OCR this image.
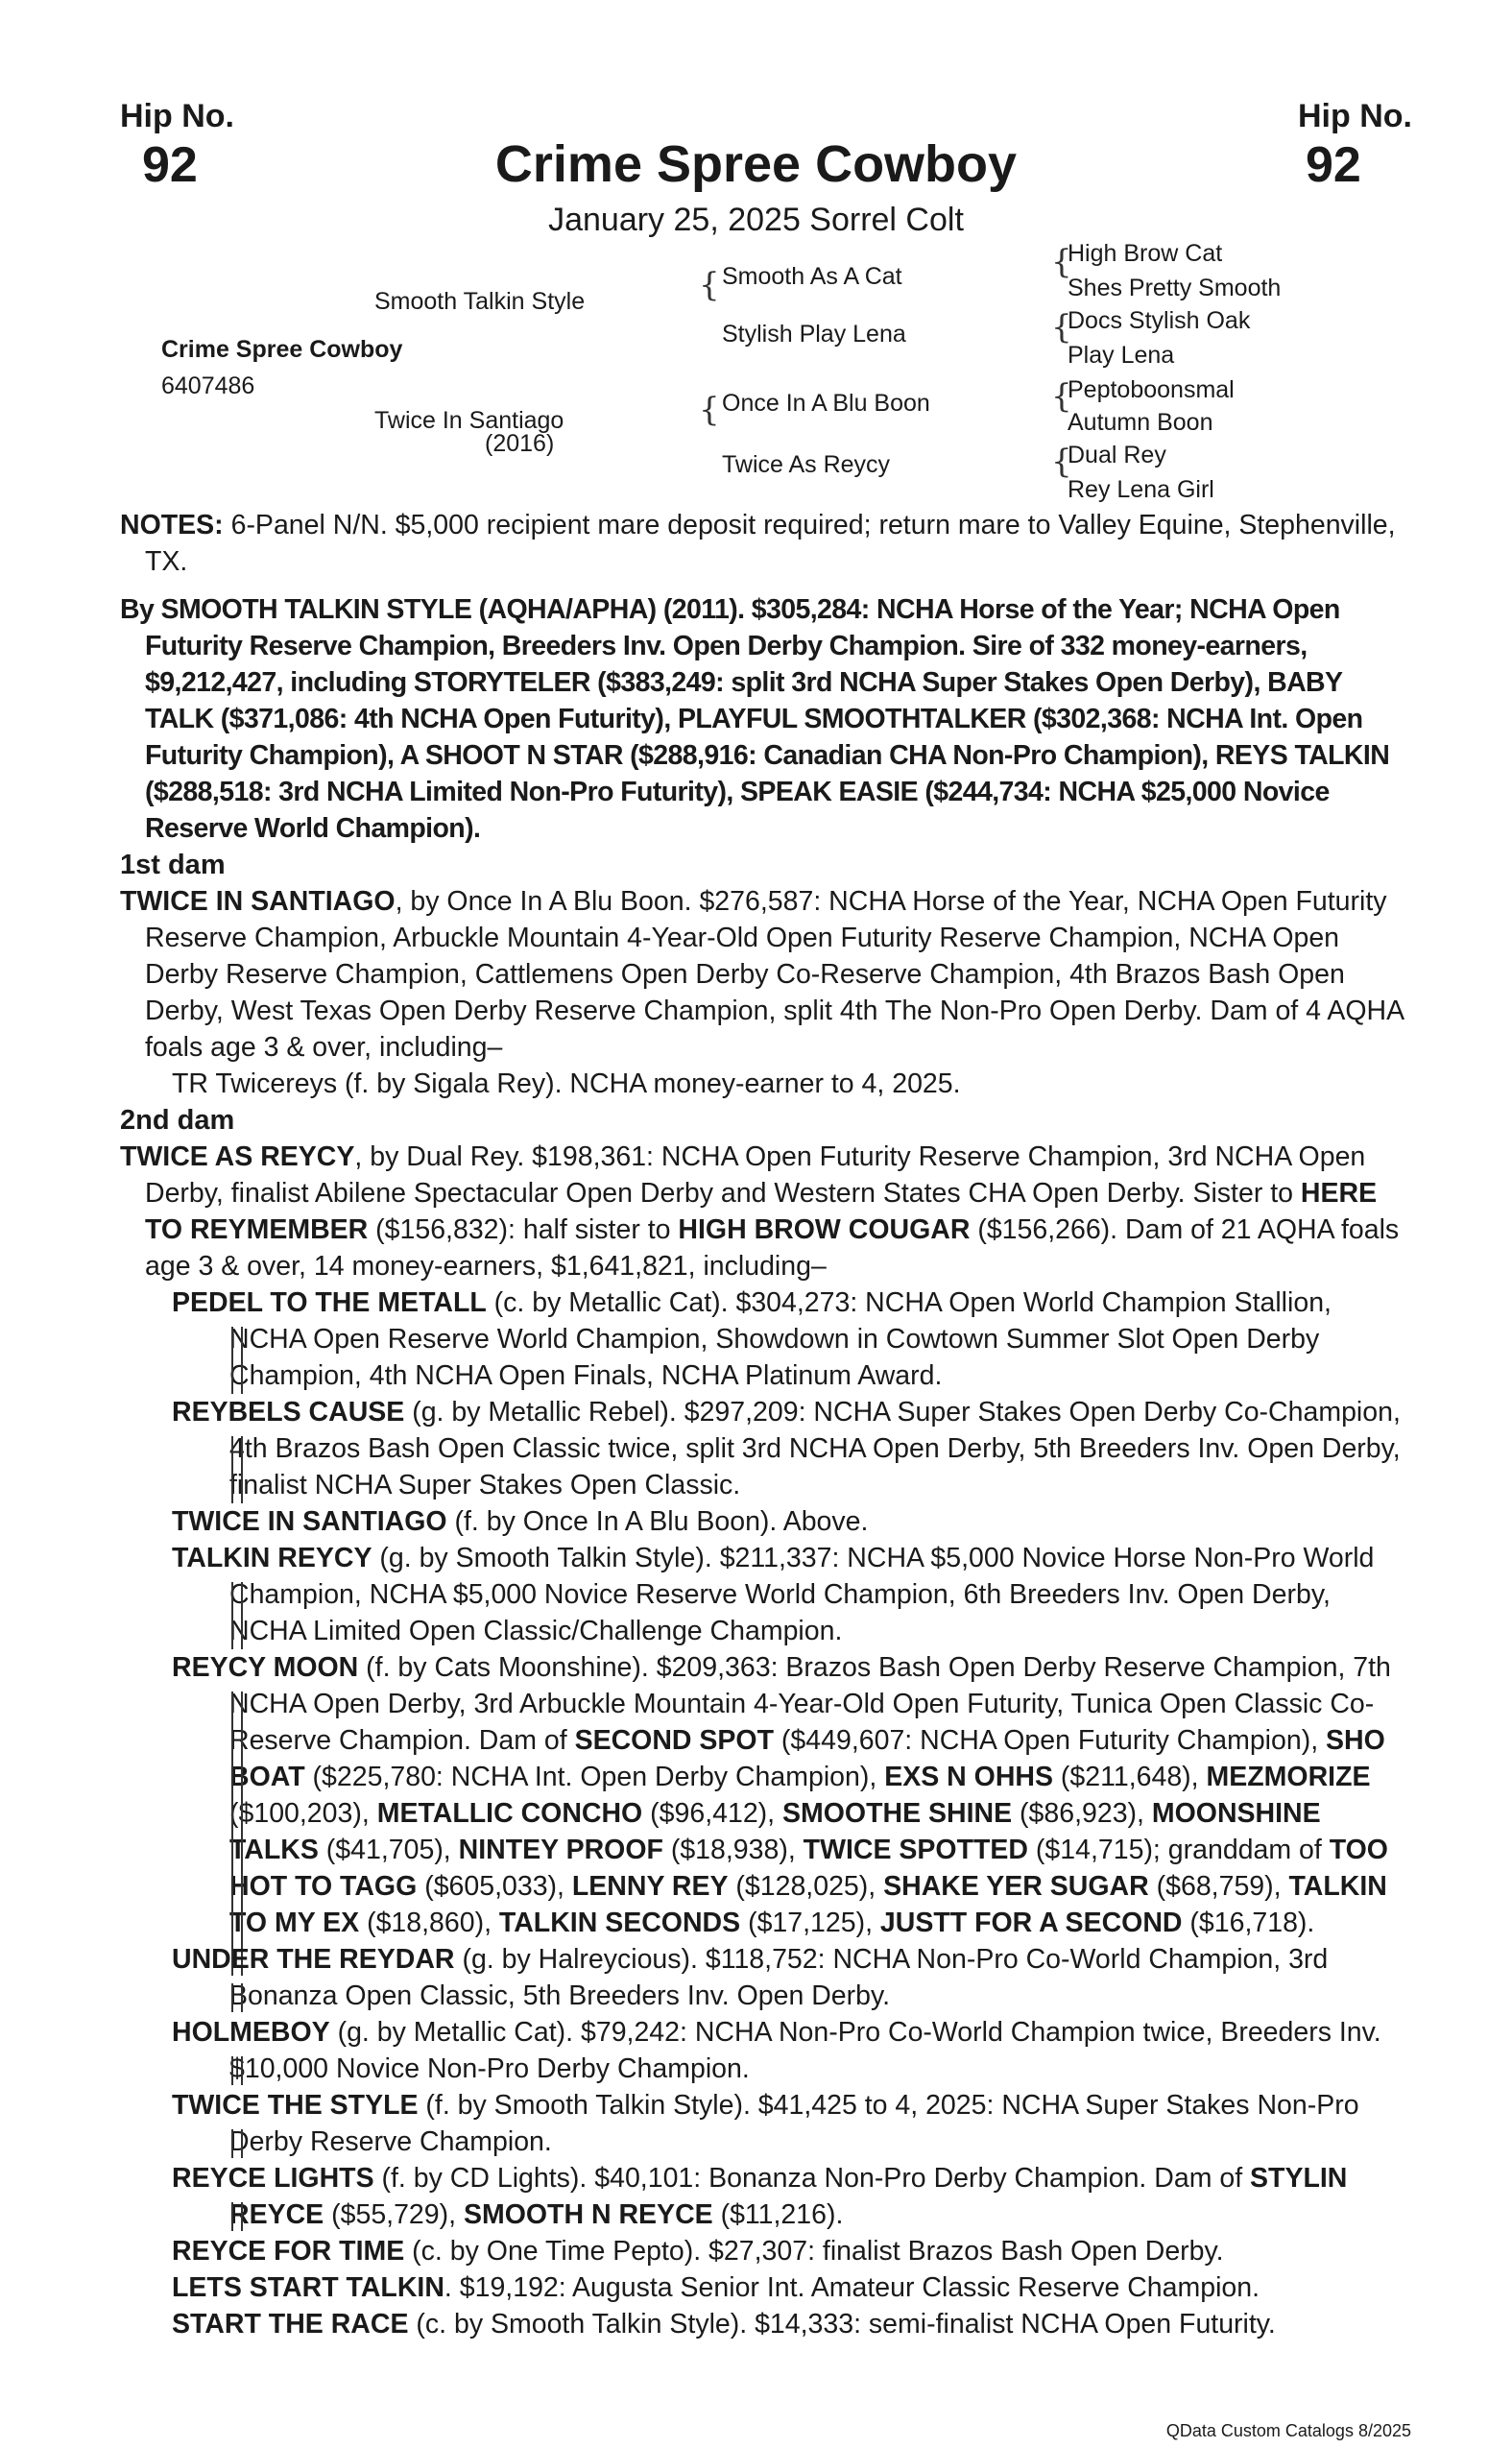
Hip No.
92
Hip No.
92
Crime Spree Cowboy
January 25, 2025 Sorrel Colt
Smooth Talkin Style
Crime Spree Cowboy
6407486
Twice In Santiago
(2016)
{ Smooth As A Cat
Stylish Play Lena
{ Once In A Blu Boon
Twice As Reycy
{
High Brow Cat
Shes Pretty Smooth
{
Docs Stylish Oak
Play Lena
{
Peptoboonsmal
Autumn Boon
{
Dual Rey
Rey Lena Girl

NOTES: 6-Panel N/N. $5,000 recipient mare deposit required; return mare to Valley Equine, Stephenville, TX.

By SMOOTH TALKIN STYLE (AQHA/APHA) (2011). $305,284: NCHA Horse of the Year; NCHA Open Futurity Reserve Champion, Breeders Inv. Open Derby Champion. Sire of 332 money-earners, $9,212,427, including STORYTELER ($383,249: split 3rd NCHA Super Stakes Open Derby), BABY TALK ($371,086: 4th NCHA Open Futurity), PLAYFUL SMOOTHTALKER ($302,368: NCHA Int. Open Futurity Champion), A SHOOT N STAR ($288,916: Canadian CHA Non-Pro Champion), REYS TALKIN ($288,518: 3rd NCHA Limited Non-Pro Futurity), SPEAK EASIE ($244,734: NCHA $25,000 Novice Reserve World Champion).

1st dam

TWICE IN SANTIAGO, by Once In A Blu Boon. $276,587: NCHA Horse of the Year, NCHA Open Futurity Reserve Champion, Arbuckle Mountain 4-Year-Old Open Futurity Reserve Champion, NCHA Open Derby Reserve Champion, Cattlemens Open Derby Co-Reserve Champion, 4th Brazos Bash Open Derby, West Texas Open Derby Reserve Champion, split 4th The Non-Pro Open Derby. Dam of 4 AQHA foals age 3 & over, including–

TR Twicereys (f. by Sigala Rey). NCHA money-earner to 4, 2025.

2nd dam

TWICE AS REYCY, by Dual Rey. $198,361: NCHA Open Futurity Reserve Champion, 3rd NCHA Open Derby, finalist Abilene Spectacular Open Derby and Western States CHA Open Derby. Sister to HERE TO REYMEMBER ($156,832): half sister to HIGH BROW COUGAR ($156,266). Dam of 21 AQHA foals age 3 & over, 14 money-earners, $1,641,821, including–

PEDEL TO THE METALL (c. by Metallic Cat). $304,273: NCHA Open World Champion Stallion, NCHA Open Reserve World Champion, Showdown in Cowtown Summer Slot Open Derby Champion, 4th NCHA Open Finals, NCHA Platinum Award.

REYBELS CAUSE (g. by Metallic Rebel). $297,209: NCHA Super Stakes Open Derby Co-Champion, 4th Brazos Bash Open Classic twice, split 3rd NCHA Open Derby, 5th Breeders Inv. Open Derby, finalist NCHA Super Stakes Open Classic.

TWICE IN SANTIAGO (f. by Once In A Blu Boon). Above.

TALKIN REYCY (g. by Smooth Talkin Style). $211,337: NCHA $5,000 Novice Horse Non-Pro World Champion, NCHA $5,000 Novice Reserve World Champion, 6th Breeders Inv. Open Derby, NCHA Limited Open Classic/Challenge Champion.

REYCY MOON (f. by Cats Moonshine). $209,363: Brazos Bash Open Derby Reserve Champion, 7th NCHA Open Derby, 3rd Arbuckle Mountain 4-Year-Old Open Futurity, Tunica Open Classic Co-Reserve Champion. Dam of SECOND SPOT ($449,607: NCHA Open Futurity Champion), SHO BOAT ($225,780: NCHA Int. Open Derby Champion), EXS N OHHS ($211,648), MEZMORIZE ($100,203), METALLIC CONCHO ($96,412), SMOOTHE SHINE ($86,923), MOONSHINE TALKS ($41,705), NINTEY PROOF ($18,938), TWICE SPOTTED ($14,715); granddam of TOO HOT TO TAGG ($605,033), LENNY REY ($128,025), SHAKE YER SUGAR ($68,759), TALKIN TO MY EX ($18,860), TALKIN SECONDS ($17,125), JUSTT FOR A SECOND ($16,718).

UNDER THE REYDAR (g. by Halreycious). $118,752: NCHA Non-Pro Co-World Champion, 3rd Bonanza Open Classic, 5th Breeders Inv. Open Derby.

HOLMEBOY (g. by Metallic Cat). $79,242: NCHA Non-Pro Co-World Champion twice, Breeders Inv. $10,000 Novice Non-Pro Derby Champion.

TWICE THE STYLE (f. by Smooth Talkin Style). $41,425 to 4, 2025: NCHA Super Stakes Non-Pro Derby Reserve Champion.

REYCE LIGHTS (f. by CD Lights). $40,101: Bonanza Non-Pro Derby Champion. Dam of STYLIN REYCE ($55,729), SMOOTH N REYCE ($11,216).

REYCE FOR TIME (c. by One Time Pepto). $27,307: finalist Brazos Bash Open Derby.

LETS START TALKIN. $19,192: Augusta Senior Int. Amateur Classic Reserve Champion.

START THE RACE (c. by Smooth Talkin Style). $14,333: semi-finalist NCHA Open Futurity.

QData Custom Catalogs 8/2025
